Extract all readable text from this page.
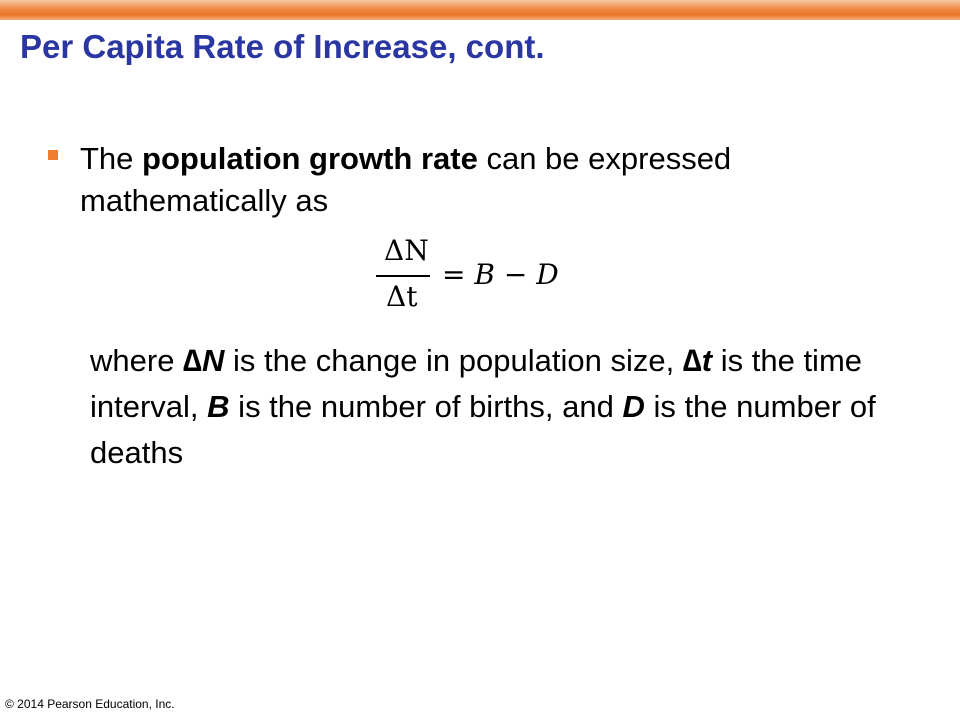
Per Capita Rate of Increase, cont.
The population growth rate can be expressed mathematically as
ΔN
Δt
= B − D
where ∆N is the change in population size, ∆t is the time interval, B is the number of births, and D is the number of deaths
© 2014 Pearson Education, Inc.
